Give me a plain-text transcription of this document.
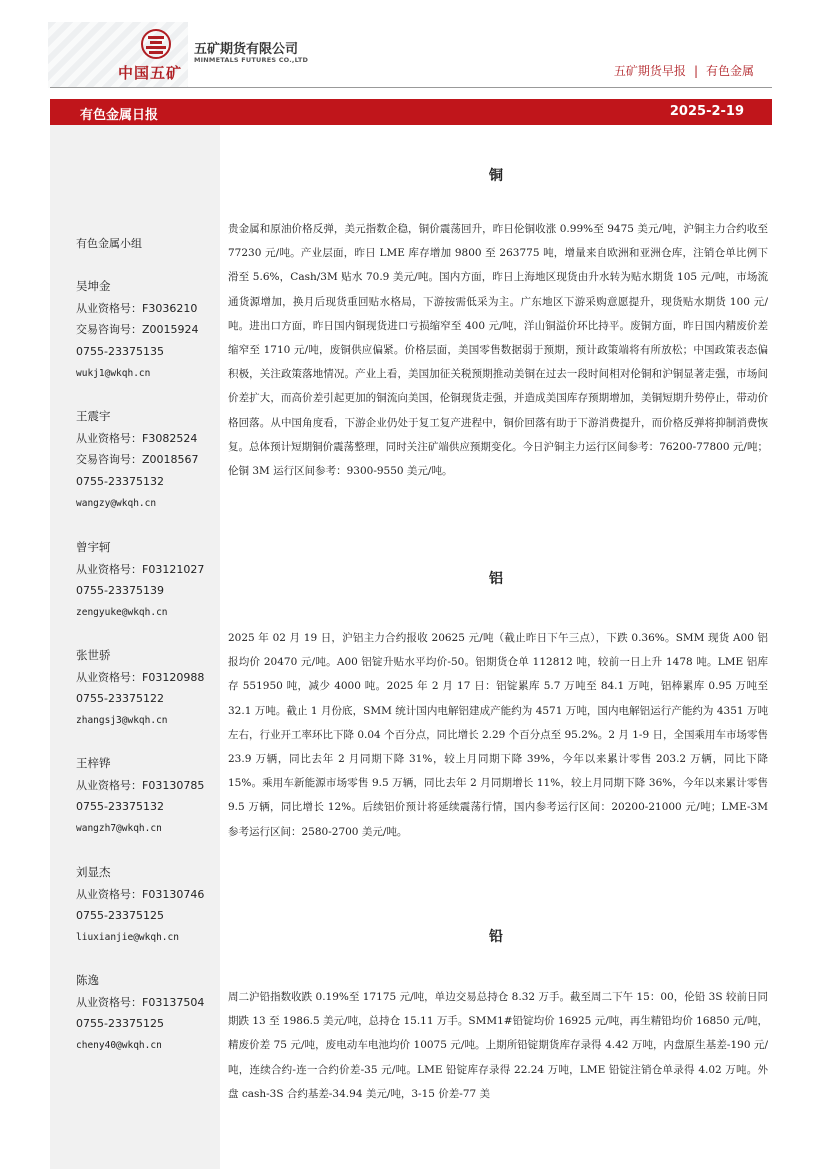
中国五矿
五矿期货有限公司
MINMETALS FUTURES CO.,LTD
五矿期货早报 | 有色金属
有色金属日报	2025-2-19
有色金属小组
吴坤金
从业资格号：F3036210
交易咨询号：Z0015924
0755-23375135
wukj1@wkqh.cn
王震宇
从业资格号：F3082524
交易咨询号：Z0018567
0755-23375132
wangzy@wkqh.cn
曾宇轲
从业资格号：F03121027
0755-23375139
zengyuke@wkqh.cn
张世骄
从业资格号：F03120988
0755-23375122
zhangsj3@wkqh.cn
王梓铧
从业资格号：F03130785
0755-23375132
wangzh7@wkqh.cn
刘显杰
从业资格号：F03130746
0755-23375125
liuxianjie@wkqh.cn
陈逸
从业资格号：F03137504
0755-23375125
cheny40@wkqh.cn
铜

贵金属和原油价格反弹，美元指数企稳，铜价震荡回升，昨日伦铜收涨 0.99%至 9475 美元/吨，沪铜主力合约收至 77230 元/吨。产业层面，昨日 LME 库存增加 9800 至 263775 吨，增量来自欧洲和亚洲仓库，注销仓单比例下滑至 5.6%，Cash/3M 贴水 70.9 美元/吨。国内方面，昨日上海地区现货由升水转为贴水期货 105 元/吨，市场流通货源增加，换月后现货重回贴水格局，下游按需低采为主。广东地区下游采购意愿提升，现货贴水期货 100 元/吨。进出口方面，昨日国内铜现货进口亏损缩窄至 400 元/吨，洋山铜溢价环比持平。废铜方面，昨日国内精废价差缩窄至 1710 元/吨，废铜供应偏紧。价格层面，美国零售数据弱于预期，预计政策端将有所放松；中国政策表态偏积极，关注政策落地情况。产业上看，美国加征关税预期推动美铜在过去一段时间相对伦铜和沪铜显著走强，市场间价差扩大，而高价差引起更加的铜流向美国，伦铜现货走强，并造成美国库存预期增加，美铜短期升势停止，带动价格回落。从中国角度看，下游企业仍处于复工复产进程中，铜价回落有助于下游消费提升，而价格反弹将抑制消费恢复。总体预计短期铜价震荡整理，同时关注矿端供应预期变化。今日沪铜主力运行区间参考：76200-77800 元/吨；伦铜 3M 运行区间参考：9300-9550 美元/吨。

铝

2025 年 02 月 19 日，沪铝主力合约报收 20625 元/吨（截止昨日下午三点），下跌 0.36%。SMM 现货 A00 铝报均价 20470 元/吨。A00 铝锭升贴水平均价-50。铝期货仓单 112812 吨，较前一日上升 1478 吨。LME 铝库存 551950 吨，减少 4000 吨。2025 年 2 月 17 日：铝锭累库 5.7 万吨至 84.1 万吨，铝棒累库 0.95 万吨至 32.1 万吨。截止 1 月份底，SMM 统计国内电解铝建成产能约为 4571 万吨，国内电解铝运行产能约为 4351 万吨左右，行业开工率环比下降 0.04 个百分点，同比增长 2.29 个百分点至 95.2%。2 月 1-9 日，全国乘用车市场零售 23.9 万辆，同比去年 2 月同期下降 31%，较上月同期下降 39%，今年以来累计零售 203.2 万辆，同比下降 15%。乘用车新能源市场零售 9.5 万辆，同比去年 2 月同期增长 11%，较上月同期下降 36%，今年以来累计零售 9.5 万辆，同比增长 12%。后续铝价预计将延续震荡行情，国内参考运行区间：20200-21000 元/吨；LME-3M 参考运行区间：2580-2700 美元/吨。

铅

周二沪铅指数收跌 0.19%至 17175 元/吨，单边交易总持仓 8.32 万手。截至周二下午 15：00，伦铅 3S 较前日同期跌 13 至 1986.5 美元/吨，总持仓 15.11 万手。SMM1#铅锭均价 16925 元/吨，再生精铅均价 16850 元/吨，精废价差 75 元/吨，废电动车电池均价 10075 元/吨。上期所铅锭期货库存录得 4.42 万吨，内盘原生基差-190 元/吨，连续合约-连一合约价差-35 元/吨。LME 铅锭库存录得 22.24 万吨，LME 铅锭注销仓单录得 4.02 万吨。外盘 cash-3S 合约基差-34.94 美元/吨，3-15 价差-77 美
